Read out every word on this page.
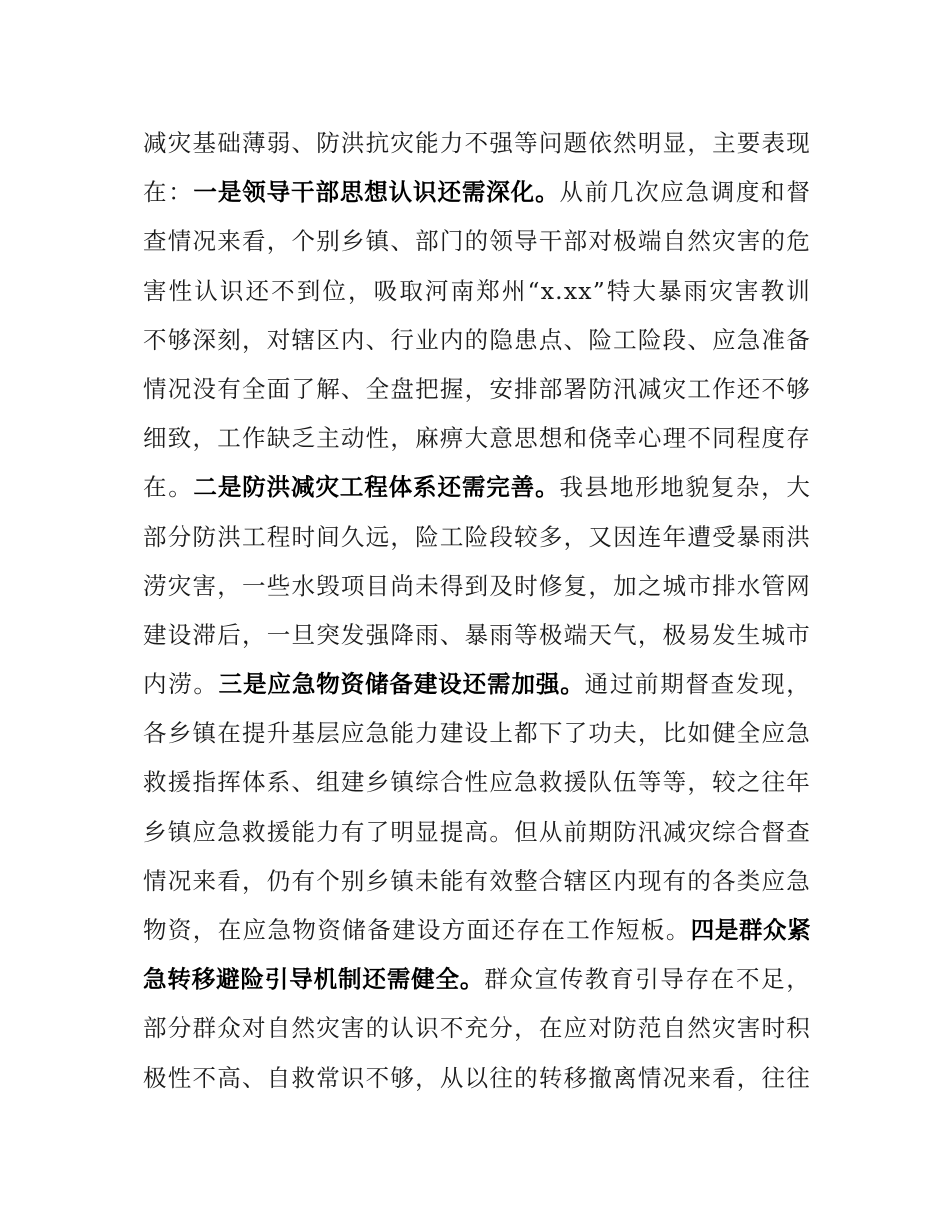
减灾基础薄弱、防洪抗灾能力不强等问题依然明显，主要表现
在：一是领导干部思想认识还需深化。从前几次应急调度和督
查情况来看，个别乡镇、部门的领导干部对极端自然灾害的危
害性认识还不到位，吸取河南郑州“x.xx”特大暴雨灾害教训
不够深刻，对辖区内、行业内的隐患点、险工险段、应急准备
情况没有全面了解、全盘把握，安排部署防汛减灾工作还不够
细致，工作缺乏主动性，麻痹大意思想和侥幸心理不同程度存
在。二是防洪减灾工程体系还需完善。我县地形地貌复杂，大
部分防洪工程时间久远，险工险段较多，又因连年遭受暴雨洪
涝灾害，一些水毁项目尚未得到及时修复，加之城市排水管网
建设滞后，一旦突发强降雨、暴雨等极端天气，极易发生城市
内涝。三是应急物资储备建设还需加强。通过前期督查发现，
各乡镇在提升基层应急能力建设上都下了功夫，比如健全应急
救援指挥体系、组建乡镇综合性应急救援队伍等等，较之往年
乡镇应急救援能力有了明显提高。但从前期防汛减灾综合督查
情况来看，仍有个别乡镇未能有效整合辖区内现有的各类应急
物资，在应急物资储备建设方面还存在工作短板。四是群众紧
急转移避险引导机制还需健全。群众宣传教育引导存在不足，
部分群众对自然灾害的认识不充分，在应对防范自然灾害时积
极性不高、自救常识不够，从以往的转移撤离情况来看，往往
